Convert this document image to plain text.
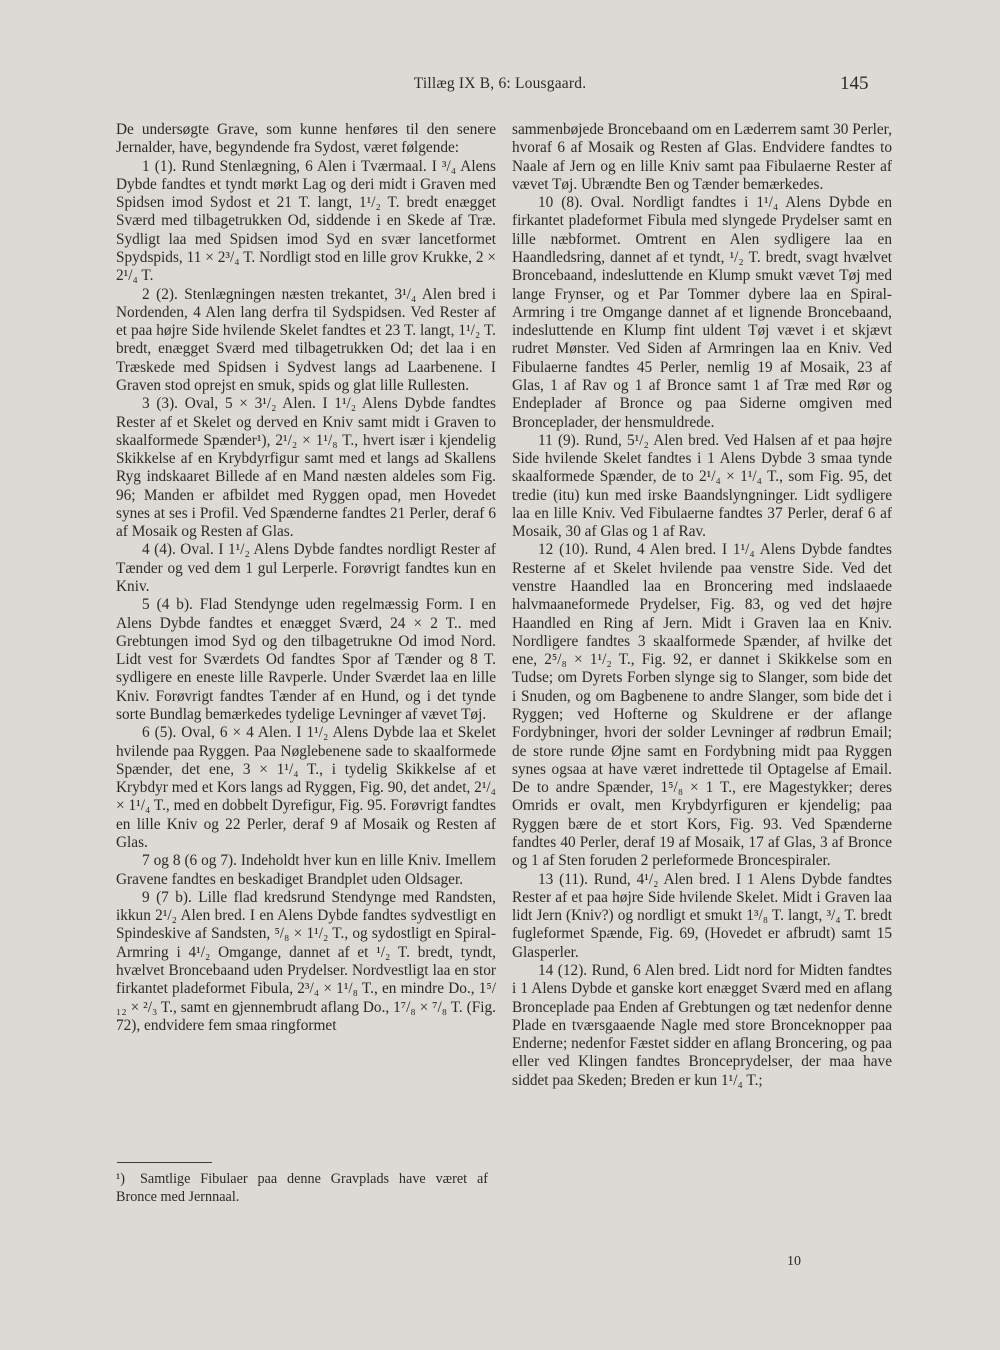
Tillæg IX B, 6: Lousgaard.	145

De undersøgte Grave, som kunne henføres til den senere Jernalder, have, begyndende fra Sydost, været følgende:

1 (1). Rund Stenlægning, 6 Alen i Tværmaal. I ³/₄ Alens Dybde fandtes et tyndt mørkt Lag og deri midt i Graven med Spidsen imod Sydost et 21 T. langt, 1¹/₂ T. bredt enægget Sværd med tilbagetrukken Od, siddende i en Skede af Træ. Sydligt laa med Spidsen imod Syd en svær lancetformet Spydspids, 11 × 2³/₄ T. Nordligt stod en lille grov Krukke, 2 × 2¹/₄ T.

2 (2). Stenlægningen næsten trekantet, 3¹/₄ Alen bred i Nordenden, 4 Alen lang derfra til Sydspidsen. Ved Rester af et paa højre Side hvilende Skelet fandtes et 23 T. langt, 1¹/₂ T. bredt, enægget Sværd med tilbagetrukken Od; det laa i en Træskede med Spidsen i Sydvest langs ad Laarbenene. I Graven stod oprejst en smuk, spids og glat lille Rullesten.

3 (3). Oval, 5 × 3¹/₂ Alen. I 1¹/₂ Alens Dybde fandtes Rester af et Skelet og derved en Kniv samt midt i Graven to skaalformede Spænder¹), 2¹/₂ × 1¹/₈ T., hvert især i kjendelig Skikkelse af en Krybdyrfigur samt med et langs ad Skallens Ryg indskaaret Billede af en Mand næsten aldeles som Fig. 96; Manden er afbildet med Ryggen opad, men Hovedet synes at ses i Profil. Ved Spænderne fandtes 21 Perler, deraf 6 af Mosaik og Resten af Glas.

4 (4). Oval. I 1¹/₂ Alens Dybde fandtes nordligt Rester af Tænder og ved dem 1 gul Lerperle. Forøvrigt fandtes kun en Kniv.

5 (4 b). Flad Stendynge uden regelmæssig Form. I en Alens Dybde fandtes et enægget Sværd, 24 × 2 T.. med Grebtungen imod Syd og den tilbagetrukne Od imod Nord. Lidt vest for Sværdets Od fandtes Spor af Tænder og 8 T. sydligere en eneste lille Ravperle. Under Sværdet laa en lille Kniv. Forøvrigt fandtes Tænder af en Hund, og i det tynde sorte Bundlag bemærkedes tydelige Levninger af vævet Tøj.

6 (5). Oval, 6 × 4 Alen. I 1¹/₂ Alens Dybde laa et Skelet hvilende paa Ryggen. Paa Nøglebenene sade to skaalformede Spænder, det ene, 3 × 1¹/₄ T., i tydelig Skikkelse af et Krybdyr med et Kors langs ad Ryggen, Fig. 90, det andet, 2¹/₄ × 1¹/₄ T., med en dobbelt Dyrefigur, Fig. 95. Forøvrigt fandtes en lille Kniv og 22 Perler, deraf 9 af Mosaik og Resten af Glas.

7 og 8 (6 og 7). Indeholdt hver kun en lille Kniv. Imellem Gravene fandtes en beskadiget Brandplet uden Oldsager.

9 (7 b). Lille flad kredsrund Stendynge med Randsten, ikkun 2¹/₂ Alen bred. I en Alens Dybde fandtes sydvestligt en Spindeskive af Sandsten, ⁵/₈ × 1¹/₂ T., og sydostligt en Spiral-Armring i 4¹/₂ Omgange, dannet af et ¹/₂ T. bredt, tyndt, hvælvet Broncebaand uden Prydelser. Nordvestligt laa en stor firkantet pladeformet Fibula, 2³/₄ × 1¹/₈ T., en mindre Do., 1⁵/₁₂ × ²/₃ T., samt en gjennembrudt aflang Do., 1⁷/₈ × ⁷/₈ T. (Fig. 72), endvidere fem smaa ringformet

sammenbøjede Broncebaand om en Læderrem samt 30 Perler, hvoraf 6 af Mosaik og Resten af Glas. Endvidere fandtes to Naale af Jern og en lille Kniv samt paa Fibulaerne Rester af vævet Tøj. Ubrændte Ben og Tænder bemærkedes.

10 (8). Oval. Nordligt fandtes i 1¹/₄ Alens Dybde en firkantet pladeformet Fibula med slyngede Prydelser samt en lille næbformet. Omtrent en Alen sydligere laa en Haandledsring, dannet af et tyndt, ¹/₂ T. bredt, svagt hvælvet Broncebaand, indesluttende en Klump smukt vævet Tøj med lange Frynser, og et Par Tommer dybere laa en Spiral-Armring i tre Omgange dannet af et lignende Broncebaand, indesluttende en Klump fint uldent Tøj vævet i et skjævt rudret Mønster. Ved Siden af Armringen laa en Kniv. Ved Fibulaerne fandtes 45 Perler, nemlig 19 af Mosaik, 23 af Glas, 1 af Rav og 1 af Bronce samt 1 af Træ med Rør og Endeplader af Bronce og paa Siderne omgiven med Bronceplader, der hensmuldrede.

11 (9). Rund, 5¹/₂ Alen bred. Ved Halsen af et paa højre Side hvilende Skelet fandtes i 1 Alens Dybde 3 smaa tynde skaalformede Spænder, de to 2¹/₄ × 1¹/₄ T., som Fig. 95, det tredie (itu) kun med irske Baandslyngninger. Lidt sydligere laa en lille Kniv. Ved Fibulaerne fandtes 37 Perler, deraf 6 af Mosaik, 30 af Glas og 1 af Rav.

12 (10). Rund, 4 Alen bred. I 1¹/₄ Alens Dybde fandtes Resterne af et Skelet hvilende paa venstre Side. Ved det venstre Haandled laa en Broncering med indslaaede halvmaaneformede Prydelser, Fig. 83, og ved det højre Haandled en Ring af Jern. Midt i Graven laa en Kniv. Nordligere fandtes 3 skaalformede Spænder, af hvilke det ene, 2⁵/₈ × 1¹/₂ T., Fig. 92, er dannet i Skikkelse som en Tudse; om Dyrets Forben slynge sig to Slanger, som bide det i Snuden, og om Bagbenene to andre Slanger, som bide det i Ryggen; ved Hofterne og Skuldrene er der aflange Fordybninger, hvori der solder Levninger af rødbrun Email; de store runde Øjne samt en Fordybning midt paa Ryggen synes ogsaa at have været indrettede til Optagelse af Email. De to andre Spænder, 1⁵/₈ × 1 T., ere Magestykker; deres Omrids er ovalt, men Krybdyrfiguren er kjendelig; paa Ryggen bære de et stort Kors, Fig. 93. Ved Spænderne fandtes 40 Perler, deraf 19 af Mosaik, 17 af Glas, 3 af Bronce og 1 af Sten foruden 2 perleformede Broncespiraler.

13 (11). Rund, 4¹/₂ Alen bred. I 1 Alens Dybde fandtes Rester af et paa højre Side hvilende Skelet. Midt i Graven laa lidt Jern (Kniv?) og nordligt et smukt 1³/₈ T. langt, ³/₄ T. bredt fugleformet Spænde, Fig. 69, (Hovedet er afbrudt) samt 15 Glasperler.

14 (12). Rund, 6 Alen bred. Lidt nord for Midten fandtes i 1 Alens Dybde et ganske kort enægget Sværd med en aflang Bronceplade paa Enden af Grebtungen og tæt nedenfor denne Plade en tværsgaaende Nagle med store Bronceknopper paa Enderne; nedenfor Fæstet sidder en aflang Broncering, og paa eller ved Klingen fandtes Bronceprydelser, der maa have siddet paa Skeden; Breden er kun 1¹/₄ T.;

¹) Samtlige Fibulaer paa denne Gravplads have været af Bronce med Jernnaal.
10
